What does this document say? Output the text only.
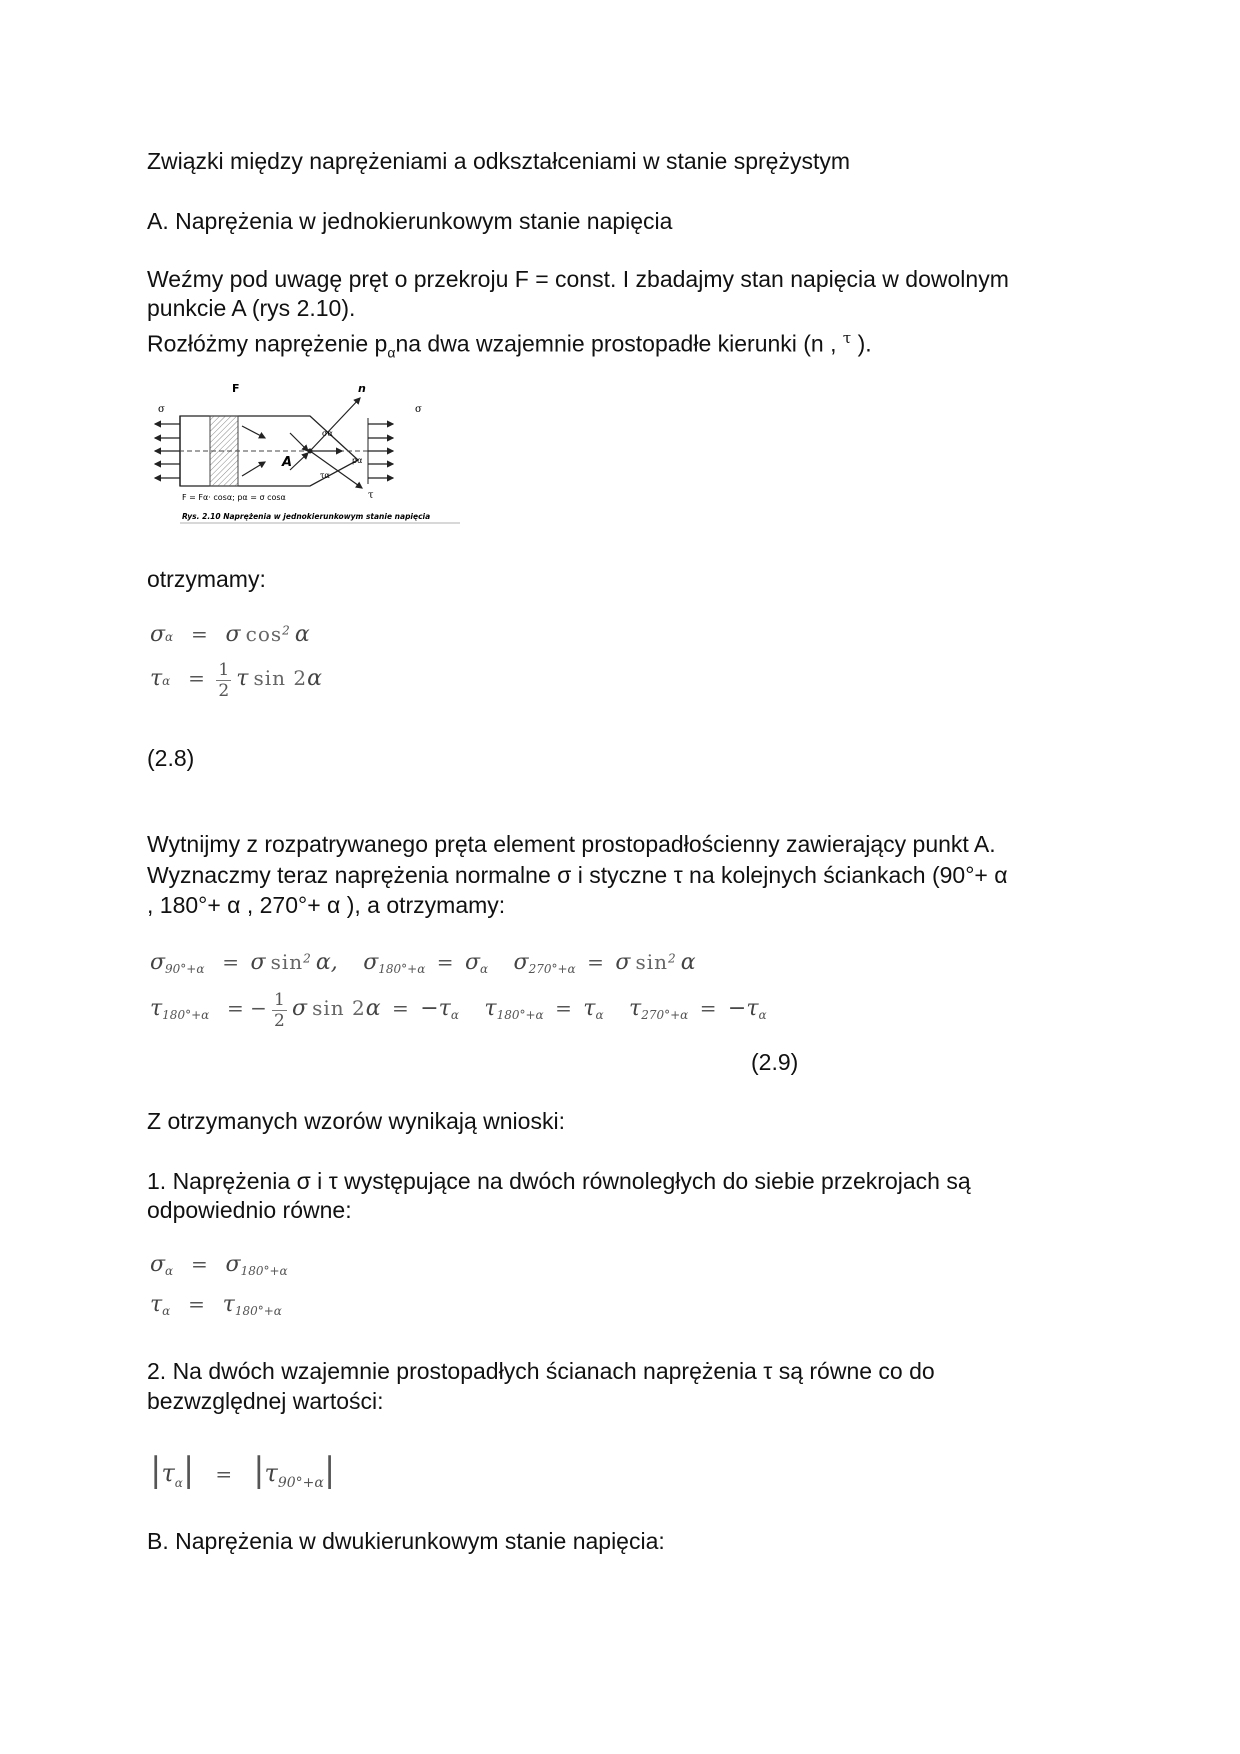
Związki między naprężeniami a odkształceniami w stanie sprężystym

A. Naprężenia w jednokierunkowym stanie napięcia

Weźmy pod uwagę pręt o przekroju F = const. I zbadajmy stan napięcia w dowolnym

punkcie A (rys 2.10).

Rozłóżmy naprężenie $p_\alpha na$ dwa wzajemnie prostopadłe kierunki (n , $^\tau$ ).

F	n
σ	σ
A
σα
pα
τα
τ
F = Fα· cosα; pα = σ cosα
Rys. 2.10 Naprężenia w jednokierunkowym stanie napięcia

otrzymamy:

σα = σ $\cos^2 \alpha$
$\tau\alpha = \frac{1}{2}$ τ sin 2α

(2.8)

Wytnijmy z rozpatrywanego pręta element prostopadłościenny zawierający punkt A.

Wyznaczmy teraz naprężenia normalne σ i styczne τ na kolejnych ściankach (90°+ α

, 180°+ α , 270°+ α ), a otrzymamy:

$\sigma_{90^\circ+\alpha} = \sigma$ $\sin^2 \alpha$, $\sigma_{180^\circ+\alpha} = \sigma_\alpha$ $\sigma_{270^\circ+\alpha} = \sigma$ $\sin^2 \alpha$
$\tau_{180^\circ+\alpha}$ = − $\frac{1}{2}$ σ $\sin 2\alpha = -\tau_\alpha$ $\tau_{180^\circ+\alpha} = \tau_\alpha$ $\tau_{270^\circ+\alpha} = -\tau_\alpha$

(2.9)

Z otrzymanych wzorów wynikają wnioski:

1. Naprężenia σ i τ występujące na dwóch równoległych do siebie przekrojach są

odpowiednio równe:

$\sigma_\alpha = \sigma_{180^\circ+\alpha}$
$\tau_\alpha = \tau_{180^\circ+\alpha}$

2. Na dwóch wzajemnie prostopadłych ścianach naprężenia τ są równe co do

bezwzględnej wartości:

$|\tau_\alpha| = |\tau_{90^\circ+\alpha}|$

B. Naprężenia w dwukierunkowym stanie napięcia:
